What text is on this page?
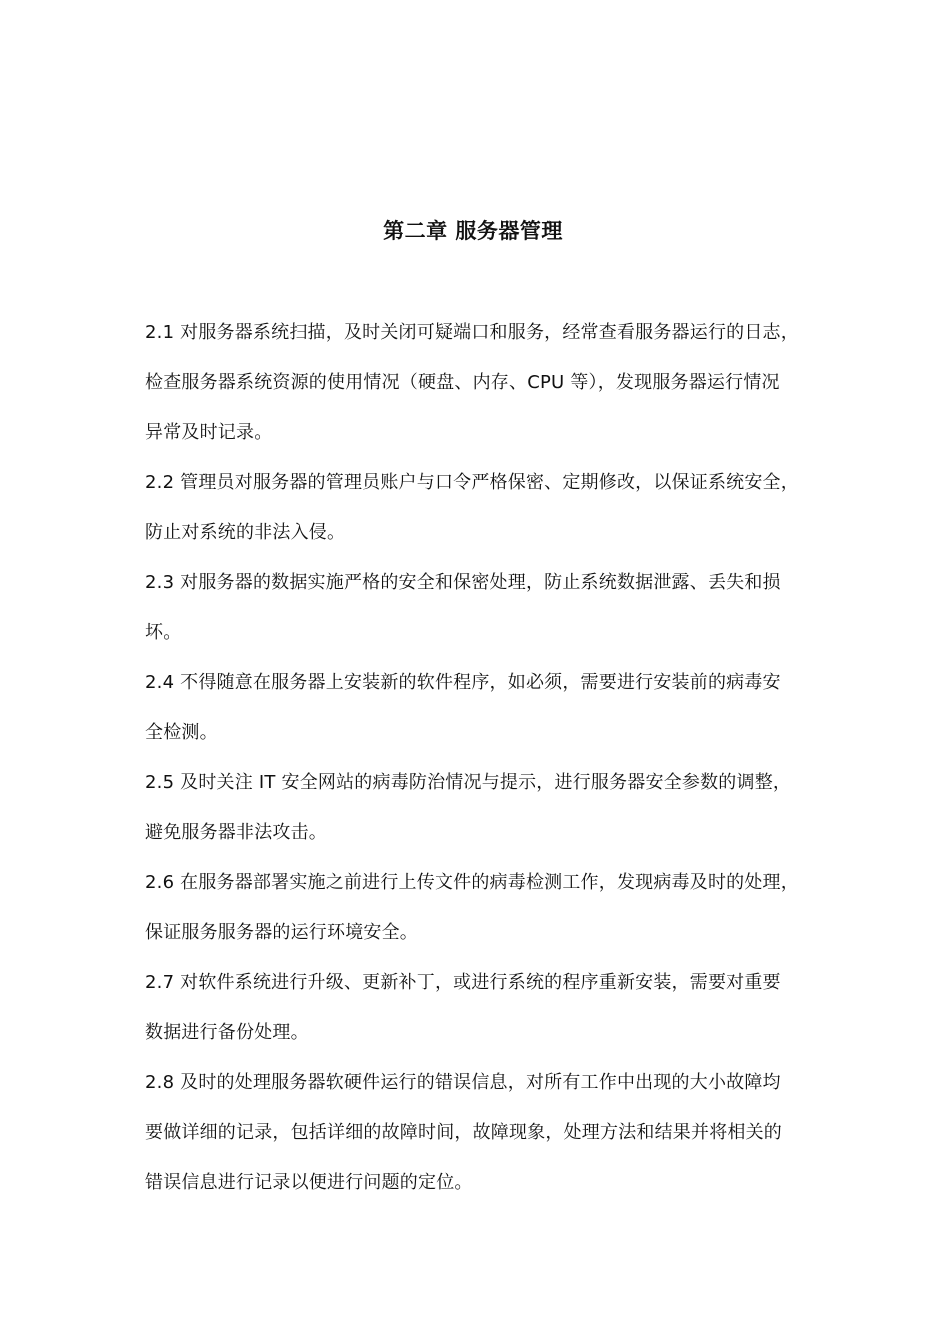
第二章 服务器管理
2.1 对服务器系统扫描，及时关闭可疑端口和服务，经常查看服务器运行的日志，
检查服务器系统资源的使用情况（硬盘、内存、CPU 等），发现服务器运行情况
异常及时记录。
2.2 管理员对服务器的管理员账户与口令严格保密、定期修改，以保证系统安全，
防止对系统的非法入侵。
2.3 对服务器的数据实施严格的安全和保密处理，防止系统数据泄露、丢失和损
坏。
2.4 不得随意在服务器上安装新的软件程序，如必须，需要进行安装前的病毒安
全检测。
2.5 及时关注 IT 安全网站的病毒防治情况与提示，进行服务器安全参数的调整，
避免服务器非法攻击。
2.6 在服务器部署实施之前进行上传文件的病毒检测工作，发现病毒及时的处理，
保证服务服务器的运行环境安全。
2.7 对软件系统进行升级、更新补丁，或进行系统的程序重新安装，需要对重要
数据进行备份处理。
2.8 及时的处理服务器软硬件运行的错误信息，对所有工作中出现的大小故障均
要做详细的记录，包括详细的故障时间，故障现象，处理方法和结果并将相关的
错误信息进行记录以便进行问题的定位。
